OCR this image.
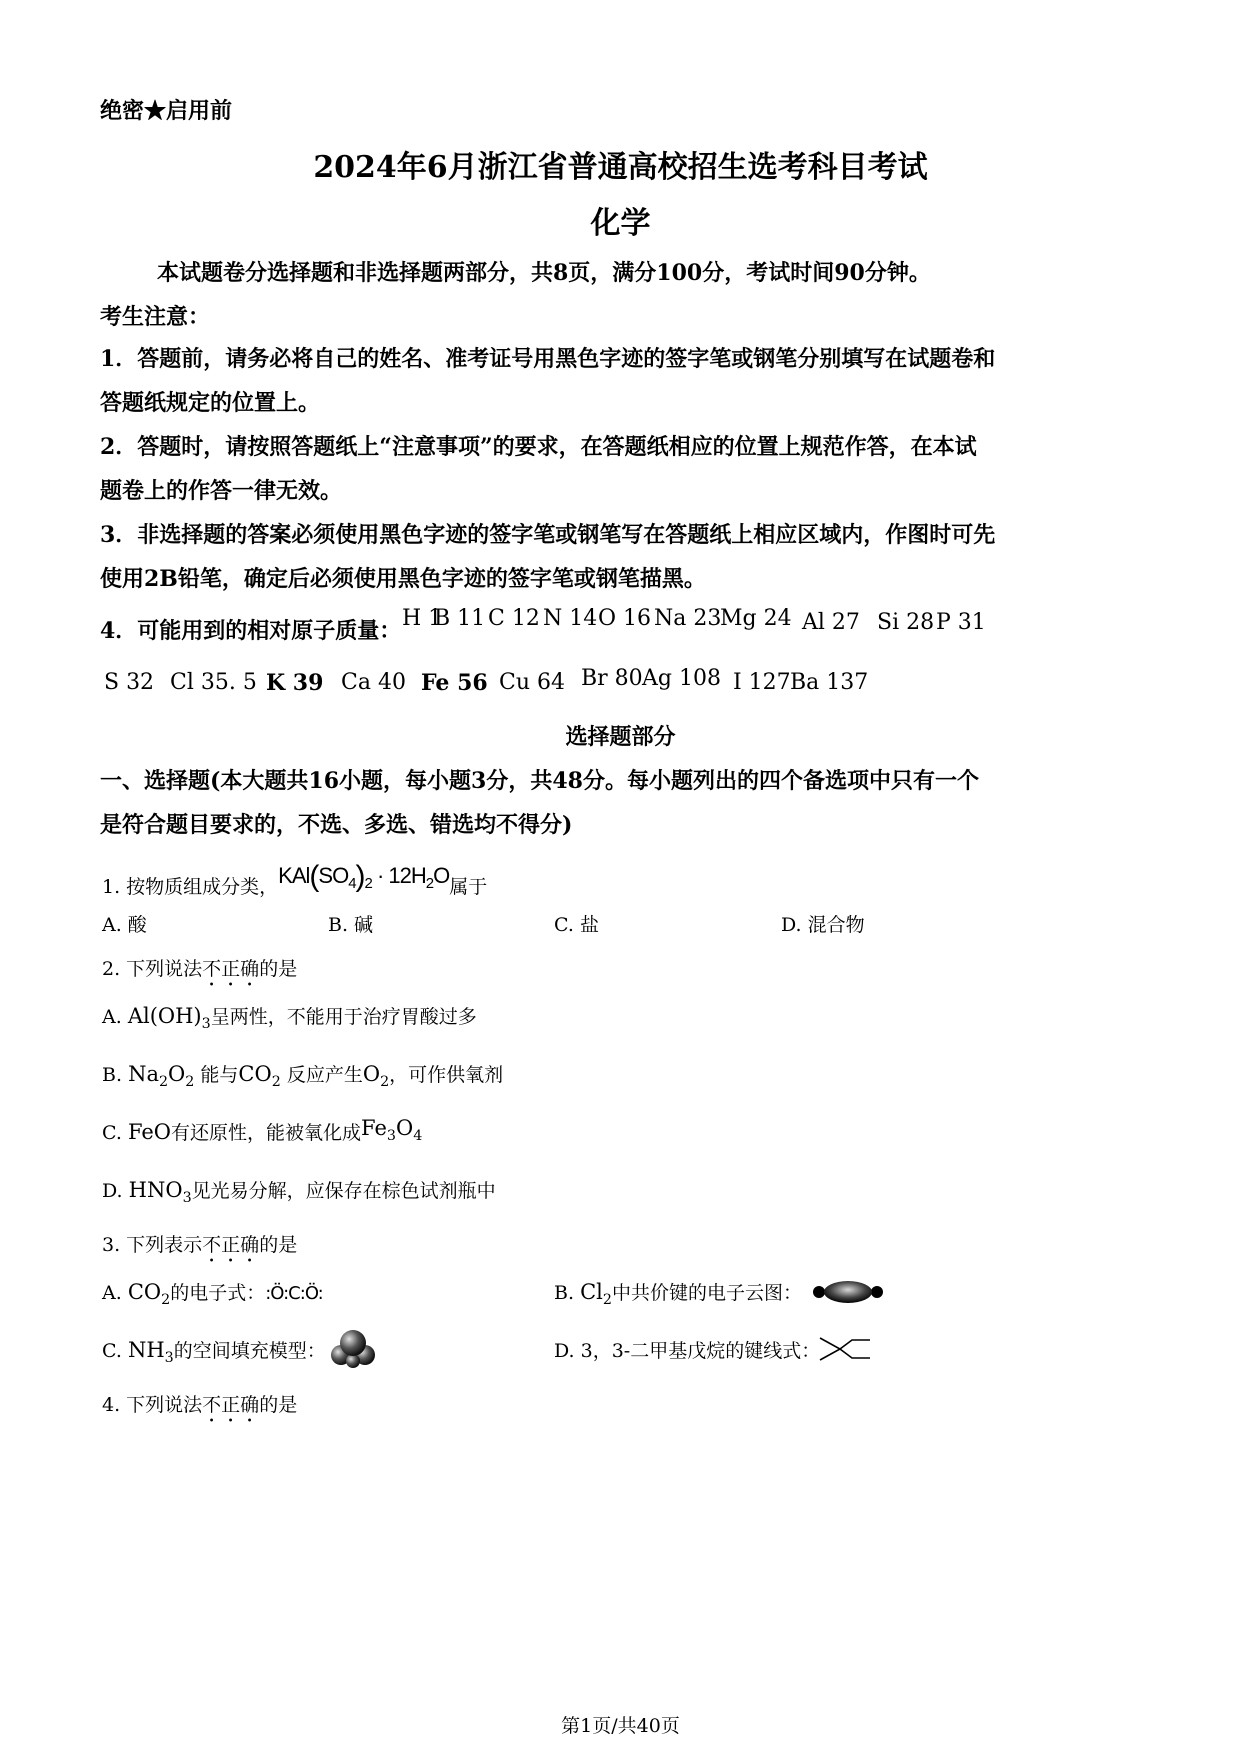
绝密★启用前
2024年6月浙江省普通高校招生选考科目考试
化学
本试题卷分选择题和非选择题两部分，共8页，满分100分，考试时间90分钟。
考生注意：
1．答题前，请务必将自己的姓名、准考证号用黑色字迹的签字笔或钢笔分别填写在试题卷和
答题纸规定的位置上。
2．答题时，请按照答题纸上“注意事项”的要求，在答题纸相应的位置上规范作答，在本试
题卷上的作答一律无效。
3．非选择题的答案必须使用黑色字迹的签字笔或钢笔写在答题纸上相应区域内，作图时可先
使用2B铅笔，确定后必须使用黑色字迹的签字笔或钢笔描黑。
4．可能用到的相对原子质量： H 1
B 11 C 12 N 14 O 16 Na 23
Mg 24 Al 27 Si 28 P 31
S 32 Cl 35. 5 K 39 Ca 40 Fe 56 Cu 64 Br 80 Ag 108 I 127 Ba 137
选择题部分
一、选择题(本大题共16小题，每小题3分，共48分。每小题列出的四个备选项中只有一个
是符合题目要求的，不选、多选、错选均不得分)
1. 按物质组成分类，$KAl(SO_4)_2 \cdot 12H_2O$属于
A. 酸	B. 碱	C. 盐	D. 混合物
2. 下列说法不正确的是
A. $Al(OH)_3$呈两性，不能用于治疗胃酸过多
B. $Na_2O_2$ 能与$CO_2$ 反应产生$O_2$，可作供氧剂
C. FeO有还原性，能被氧化成$Fe_3O_4$
D. $HNO_3$见光易分解，应保存在棕色试剂瓶中
3. 下列表示不正确的是
A. $CO_2$的电子式：:Ö:C:Ö:	B. $Cl_2$中共价键的电子云图：
C. $NH_3$的空间填充模型：	D. 3，3-二甲基戊烷的键线式：
4. 下列说法不正确的是
第1页/共40页
